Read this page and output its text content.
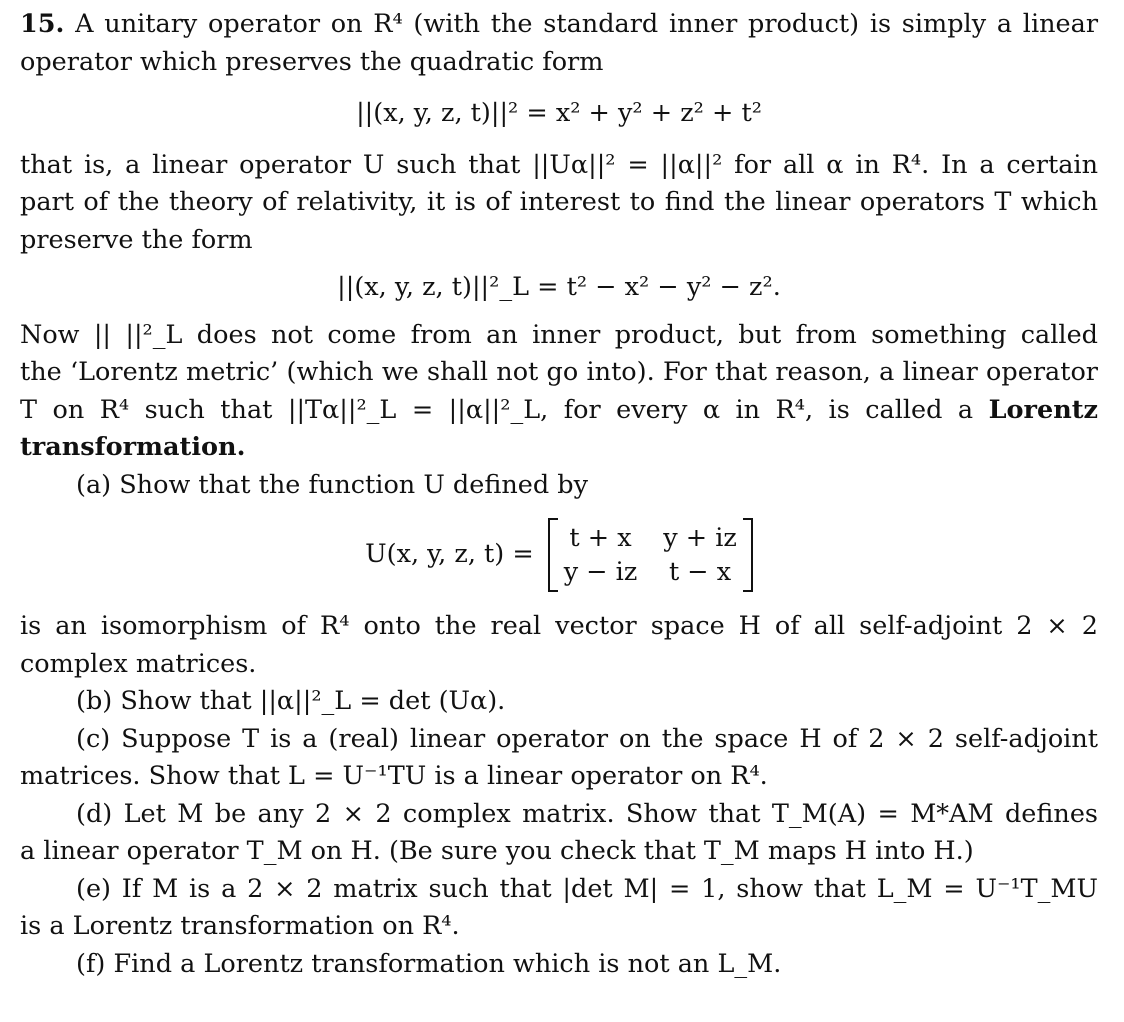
15. A unitary operator on R⁴ (with the standard inner product) is simply a linear

operator which preserves the quadratic form

||(x, y, z, t)||² = x² + y² + z² + t²

that is, a linear operator U such that ||Uα||² = ||α||² for all α in R⁴. In a certain

part of the theory of relativity, it is of interest to find the linear operators T which

preserve the form

||(x, y, z, t)||²_L = t² − x² − y² − z².

Now || ||²_L does not come from an inner product, but from something called

the ‘Lorentz metric’ (which we shall not go into). For that reason, a linear operator

T on R⁴ such that ||Tα||²_L = ||α||²_L, for every α in R⁴, is called a Lorentz

transformation.

(a) Show that the function U defined by

U(x, y, z, t) =
t + x y + iz
y − iz t − x

is an isomorphism of R⁴ onto the real vector space H of all self-adjoint 2 × 2

complex matrices.

(b) Show that ||α||²_L = det (Uα).

(c) Suppose T is a (real) linear operator on the space H of 2 × 2 self-adjoint

matrices. Show that L = U⁻¹TU is a linear operator on R⁴.

(d) Let M be any 2 × 2 complex matrix. Show that T_M(A) = M*AM defines

a linear operator T_M on H. (Be sure you check that T_M maps H into H.)

(e) If M is a 2 × 2 matrix such that |det M| = 1, show that L_M = U⁻¹T_MU

is a Lorentz transformation on R⁴.

(f) Find a Lorentz transformation which is not an L_M.
